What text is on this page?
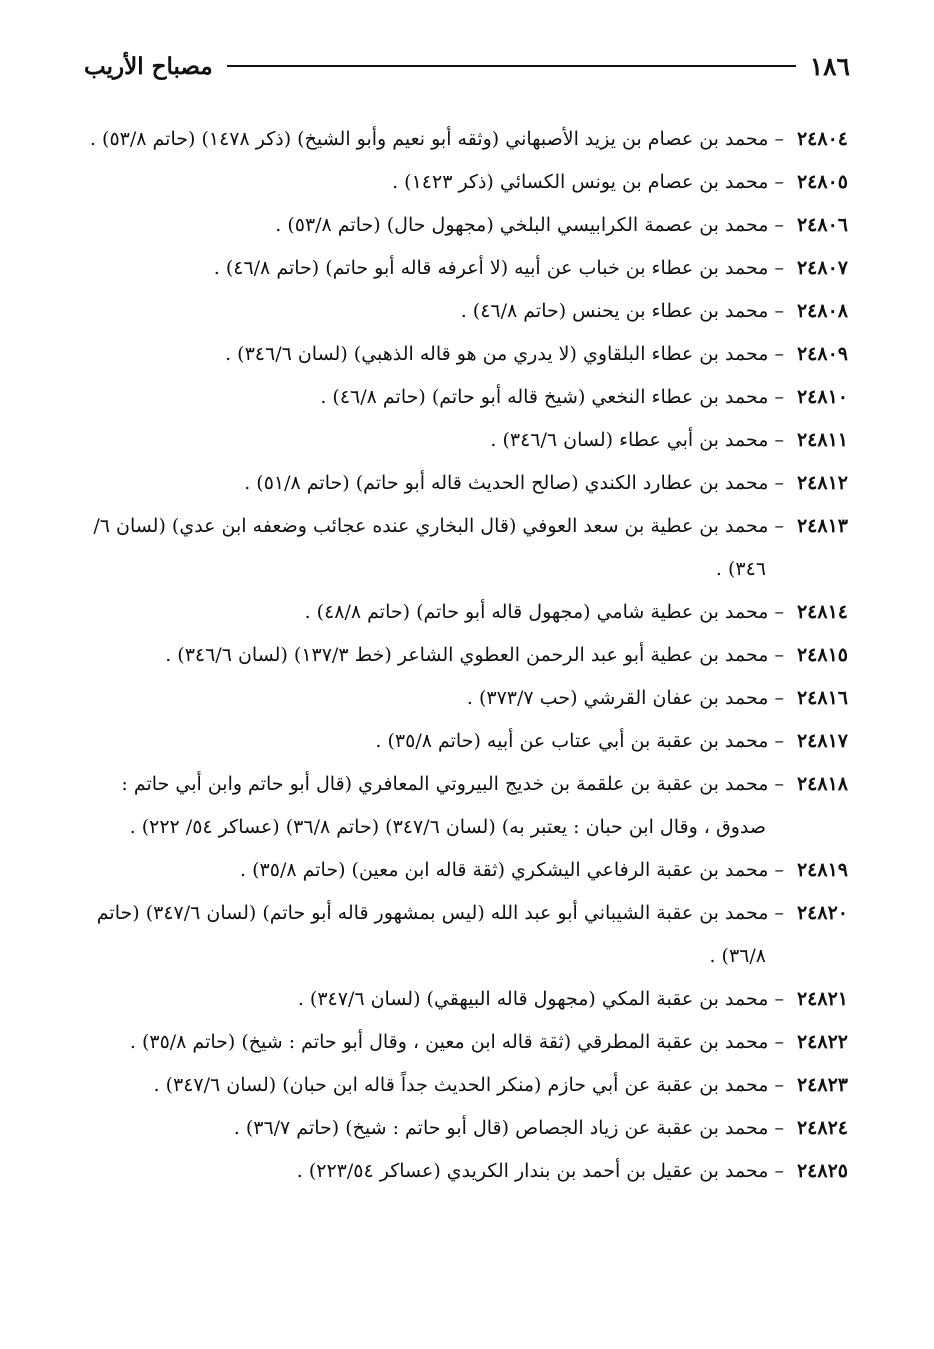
١٨٦
مصباح الأريب

٢٤٨٠٤ – محمد بن عصام بن يزيد الأصبهاني (وثقه أبو نعيم وأبو الشيخ) (ذكر ١٤٧٨) (حاتم ٥٣/٨) .

٢٤٨٠٥ – محمد بن عصام بن يونس الكسائي (ذكر ١٤٢٣) .

٢٤٨٠٦ – محمد بن عصمة الكرابيسي البلخي (مجهول حال) (حاتم ٥٣/٨) .

٢٤٨٠٧ – محمد بن عطاء بن خباب عن أبيه (لا أعرفه قاله أبو حاتم) (حاتم ٤٦/٨) .

٢٤٨٠٨ – محمد بن عطاء بن يحنس (حاتم ٤٦/٨) .

٢٤٨٠٩ – محمد بن عطاء البلقاوي (لا يدري من هو قاله الذهبي) (لسان ٣٤٦/٦) .

٢٤٨١٠ – محمد بن عطاء النخعي (شيخ قاله أبو حاتم) (حاتم ٤٦/٨) .

٢٤٨١١ – محمد بن أبي عطاء (لسان ٣٤٦/٦) .

٢٤٨١٢ – محمد بن عطارد الكندي (صالح الحديث قاله أبو حاتم) (حاتم ٥١/٨) .

٢٤٨١٣ – محمد بن عطية بن سعد العوفي (قال البخاري عنده عجائب وضعفه ابن عدي) (لسان ٦/ ٣٤٦) .

٢٤٨١٤ – محمد بن عطية شامي (مجهول قاله أبو حاتم) (حاتم ٤٨/٨) .

٢٤٨١٥ – محمد بن عطية أبو عبد الرحمن العطوي الشاعر (خط ١٣٧/٣) (لسان ٣٤٦/٦) .

٢٤٨١٦ – محمد بن عفان القرشي (حب ٣٧٣/٧) .

٢٤٨١٧ – محمد بن عقبة بن أبي عتاب عن أبيه (حاتم ٣٥/٨) .

٢٤٨١٨ – محمد بن عقبة بن علقمة بن خديج البيروتي المعافري (قال أبو حاتم وابن أبي حاتم : صدوق ، وقال ابن حبان : يعتبر به) (لسان ٣٤٧/٦) (حاتم ٣٦/٨) (عساكر ٥٤/ ٢٢٢) .

٢٤٨١٩ – محمد بن عقبة الرفاعي اليشكري (ثقة قاله ابن معين) (حاتم ٣٥/٨) .

٢٤٨٢٠ – محمد بن عقبة الشيباني أبو عبد الله (ليس بمشهور قاله أبو حاتم) (لسان ٣٤٧/٦) (حاتم ٣٦/٨) .

٢٤٨٢١ – محمد بن عقبة المكي (مجهول قاله البيهقي) (لسان ٣٤٧/٦) .

٢٤٨٢٢ – محمد بن عقبة المطرقي (ثقة قاله ابن معين ، وقال أبو حاتم : شيخ) (حاتم ٣٥/٨) .

٢٤٨٢٣ – محمد بن عقبة عن أبي حازم (منكر الحديث جداً قاله ابن حبان) (لسان ٣٤٧/٦) .

٢٤٨٢٤ – محمد بن عقبة عن زياد الجصاص (قال أبو حاتم : شيخ) (حاتم ٣٦/٧) .

٢٤٨٢٥ – محمد بن عقيل بن أحمد بن بندار الكريدي (عساكر ٢٢٣/٥٤) .
